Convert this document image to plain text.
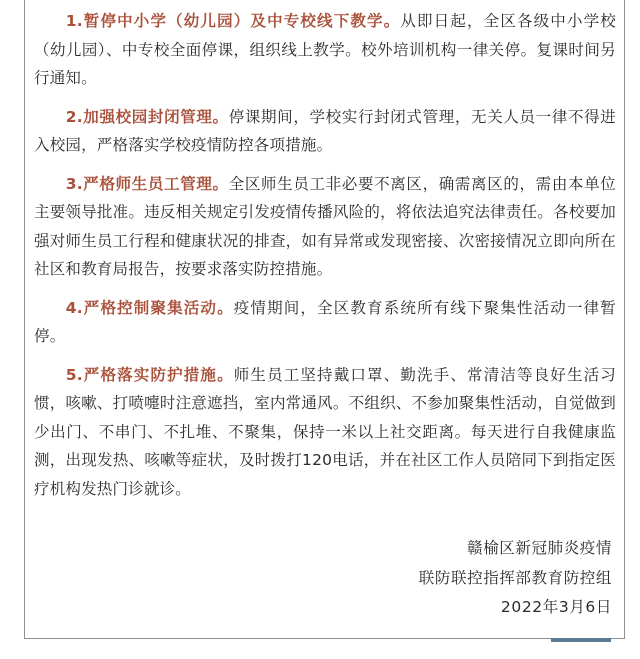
1.暂停中小学（幼儿园）及中专校线下教学。从即日起，全区各级中小学校（幼儿园）、中专校全面停课，组织线上教学。校外培训机构一律关停。复课时间另行通知。

2.加强校园封闭管理。停课期间，学校实行封闭式管理，无关人员一律不得进入校园，严格落实学校疫情防控各项措施。

3.严格师生员工管理。全区师生员工非必要不离区，确需离区的，需由本单位主要领导批准。违反相关规定引发疫情传播风险的，将依法追究法律责任。各校要加强对师生员工行程和健康状况的排查，如有异常或发现密接、次密接情况立即向所在社区和教育局报告，按要求落实防控措施。

4.严格控制聚集活动。疫情期间，全区教育系统所有线下聚集性活动一律暂停。

5.严格落实防护措施。师生员工坚持戴口罩、勤洗手、常清洁等良好生活习惯，咳嗽、打喷嚏时注意遮挡，室内常通风。不组织、不参加聚集性活动，自觉做到少出门、不串门、不扎堆、不聚集，保持一米以上社交距离。每天进行自我健康监测，出现发热、咳嗽等症状，及时拨打120电话，并在社区工作人员陪同下到指定医疗机构发热门诊就诊。

赣榆区新冠肺炎疫情
联防联控指挥部教育防控组
2022年3月6日
